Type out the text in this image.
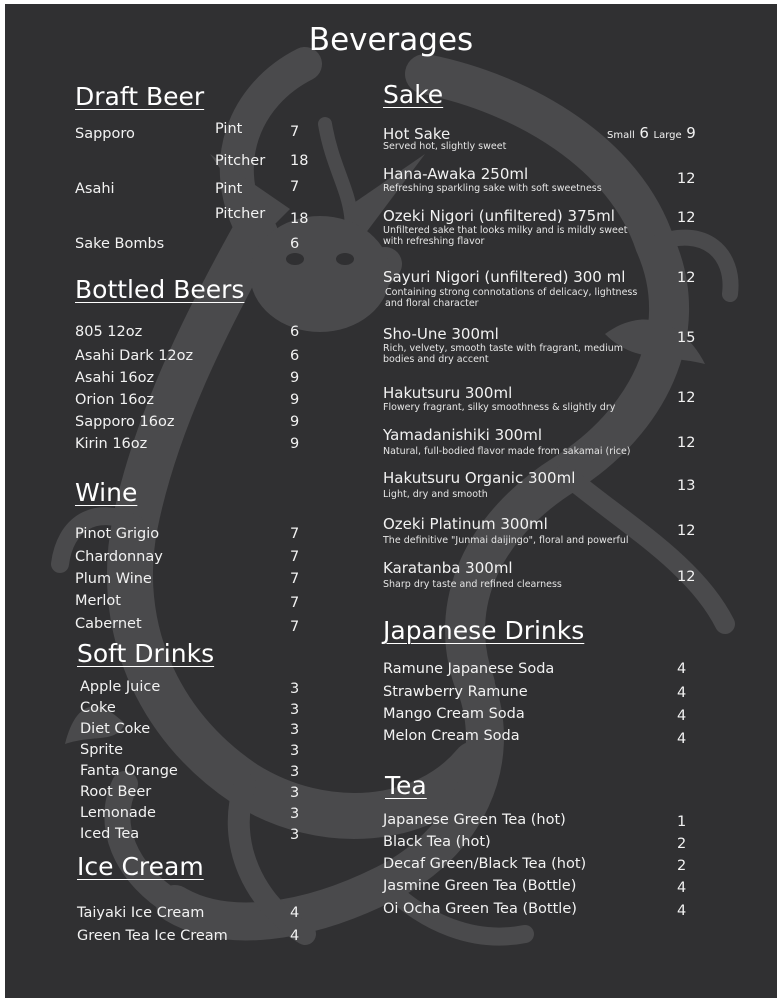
Beverages
Draft Beer
Sapporo	Pint	7
Pitcher 18
Asahi	Pint	7
Pitcher 18
Sake Bombs	6
Bottled Beers
805 12oz	6
Asahi Dark 12oz	6
Asahi 16oz	9
Orion 16oz	9
Sapporo 16oz	9
Kirin 16oz	9
Wine
Pinot Grigio	7
Chardonnay	7
Plum Wine	7
Merlot	7
Cabernet	7
Soft Drinks
Apple Juice	3
Coke	3
Diet Coke	3
Sprite	3
Fanta Orange	3
Root Beer	3
Lemonade	3
Iced Tea	3
Ice Cream
Taiyaki Ice Cream	4
Green Tea Ice Cream	4
Sake
Hot Sake
Served hot, slightly sweet
Small 6 Large 9
Hana-Awaka 250ml
Refreshing sparkling sake with soft sweetness
12
Ozeki Nigori (unfiltered) 375ml
Unfiltered sake that looks milky and is mildly sweet with refreshing flavor
12
Sayuri Nigori (unfiltered) 300 ml
Containing strong connotations of delicacy, lightness and floral character
12
Sho-Une 300ml
Rich, velvety, smooth taste with fragrant, medium bodies and dry accent
15
Hakutsuru 300ml
Flowery fragrant, silky smoothness & slightly dry
12
Yamadanishiki 300ml
Natural, full-bodied flavor made from sakamai (rice)
12
Hakutsuru Organic 300ml
Light, dry and smooth
13
Ozeki Platinum 300ml
The definitive "Junmai daijingo", floral and powerful
12
Karatanba 300ml
Sharp dry taste and refined clearness	12
Japanese Drinks
Ramune Japanese Soda	4
Strawberry Ramune	4
Mango Cream Soda	4
Melon Cream Soda	4
Tea
Japanese Green Tea (hot)	1
Black Tea (hot)	2
Decaf Green/Black Tea (hot)	2
Jasmine Green Tea (Bottle)	4
Oi Ocha Green Tea (Bottle)	4
